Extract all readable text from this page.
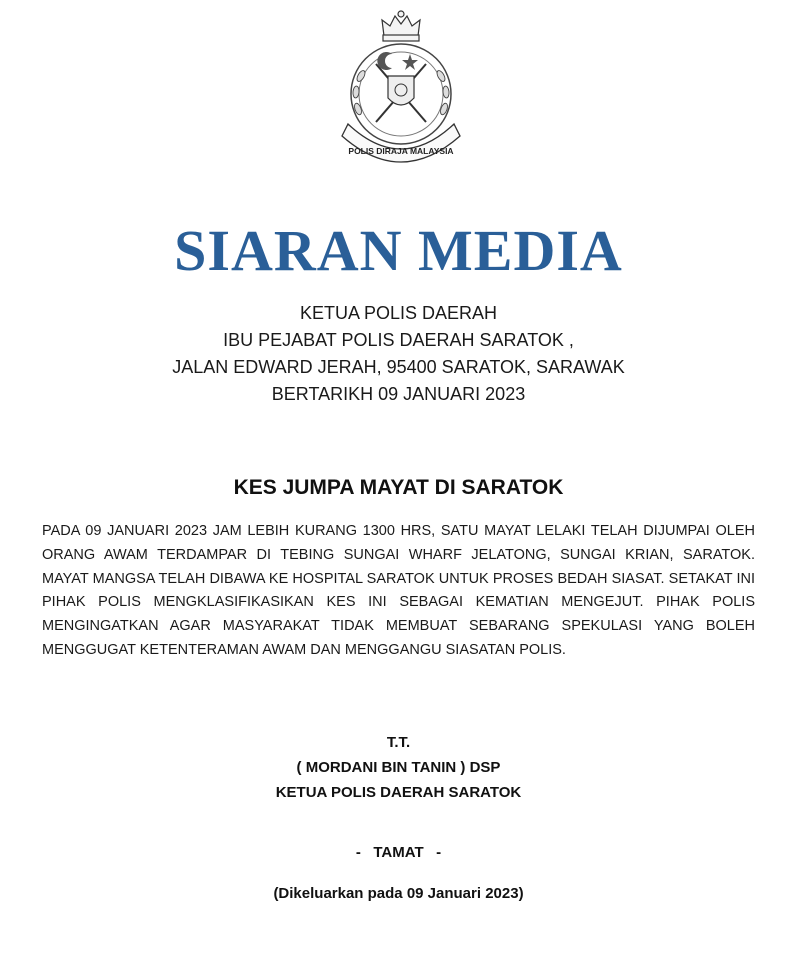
POLIS DIRAJA MALAYSIA
SIARAN MEDIA
KETUA POLIS DAERAH
IBU PEJABAT POLIS DAERAH SARATOK ,
JALAN EDWARD JERAH, 95400 SARATOK, SARAWAK
BERTARIKH 09 JANUARI 2023
KES JUMPA MAYAT DI SARATOK
PADA 09 JANUARI 2023 JAM LEBIH KURANG 1300 HRS, SATU MAYAT LELAKI TELAH DIJUMPAI OLEH
ORANG AWAM TERDAMPAR DI TEBING SUNGAI WHARF JELATONG, SUNGAI KRIAN, SARATOK.
MAYAT MANGSA TELAH DIBAWA KE HOSPITAL SARATOK UNTUK PROSES BEDAH SIASAT. SETAKAT INI
PIHAK POLIS MENGKLASIFIKASIKAN KES INI SEBAGAI KEMATIAN MENGEJUT. PIHAK POLIS
MENGINGATKAN AGAR MASYARAKAT TIDAK MEMBUAT SEBARANG SPEKULASI YANG BOLEH
MENGGUGAT KETENTERAMAN AWAM DAN MENGGANGU SIASATAN POLIS.
T.T.
( MORDANI BIN TANIN ) DSP
KETUA POLIS DAERAH SARATOK
-   TAMAT   -
(Dikeluarkan pada 09 Januari 2023)
